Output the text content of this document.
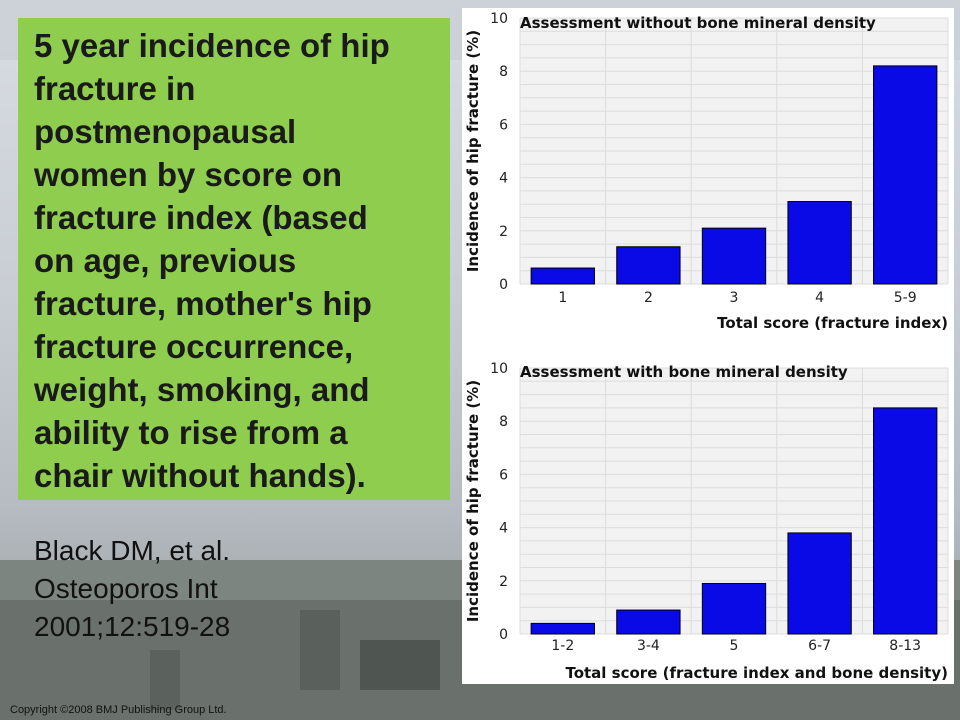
5 year incidence of hip
fracture in
postmenopausal
women by score on
fracture index (based
on age, previous
fracture, mother's hip
fracture occurrence,
weight, smoking, and
ability to rise from a
chair without hands).
Black DM, et al.
Osteoporos Int
2001;12:519-28
Copyright ©2008 BMJ Publishing Group Ltd.
Assessment without bone mineral density
0
2
4
6
8
10
Incidence of hip fracture (%)
1	2	3	4	5-9
Total score (fracture index)
Assessment with bone mineral density
0
2
4
6
8
10
Incidence of hip fracture (%)
1-2	3-4	5	6-7	8-13
Total score (fracture index and bone density)
